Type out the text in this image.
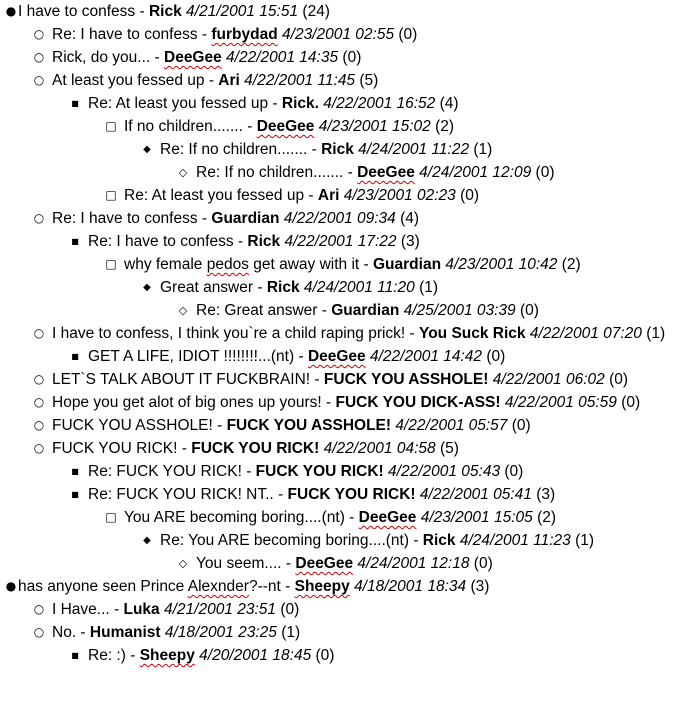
● I have to confess - Rick 4/21/2001 15:51 (24)
○ Re: I have to confess - furbydad 4/23/2001 02:55 (0)
○ Rick, do you... - DeeGee 4/22/2001 14:35 (0)
○ At least you fessed up - Ari 4/22/2001 11:45 (5)
■ Re: At least you fessed up - Rick. 4/22/2001 16:52 (4)
□ If no children....... - DeeGee 4/23/2001 15:02 (2)
◆ Re: If no children....... - Rick 4/24/2001 11:22 (1)
◇ Re: If no children....... - DeeGee 4/24/2001 12:09 (0)
□ Re: At least you fessed up - Ari 4/23/2001 02:23 (0)
○ Re: I have to confess - Guardian 4/22/2001 09:34 (4)
■ Re: I have to confess - Rick 4/22/2001 17:22 (3)
□ why female pedos get away with it - Guardian 4/23/2001 10:42 (2)
◆ Great answer - Rick 4/24/2001 11:20 (1)
◇ Re: Great answer - Guardian 4/25/2001 03:39 (0)
○ I have to confess, I think you`re a child raping prick! - You Suck Rick 4/22/2001 07:20 (1)
■ GET A LIFE, IDIOT !!!!!!!!...(nt) - DeeGee 4/22/2001 14:42 (0)
○ LET`S TALK ABOUT IT FUCKBRAIN! - FUCK YOU ASSHOLE! 4/22/2001 06:02 (0)
○ Hope you get alot of big ones up yours! - FUCK YOU DICK-ASS! 4/22/2001 05:59 (0)
○ FUCK YOU ASSHOLE! - FUCK YOU ASSHOLE! 4/22/2001 05:57 (0)
○ FUCK YOU RICK! - FUCK YOU RICK! 4/22/2001 04:58 (5)
■ Re: FUCK YOU RICK! - FUCK YOU RICK! 4/22/2001 05:43 (0)
■ Re: FUCK YOU RICK! NT.. - FUCK YOU RICK! 4/22/2001 05:41 (3)
□ You ARE becoming boring....(nt) - DeeGee 4/23/2001 15:05 (2)
◆ Re: You ARE becoming boring....(nt) - Rick 4/24/2001 11:23 (1)
◇ You seem.... - DeeGee 4/24/2001 12:18 (0)
● has anyone seen Prince Alexnder?--nt - Sheepy 4/18/2001 18:34 (3)
○ I Have... - Luka 4/21/2001 23:51 (0)
○ No. - Humanist 4/18/2001 23:25 (1)
■ Re: :) - Sheepy 4/20/2001 18:45 (0)
